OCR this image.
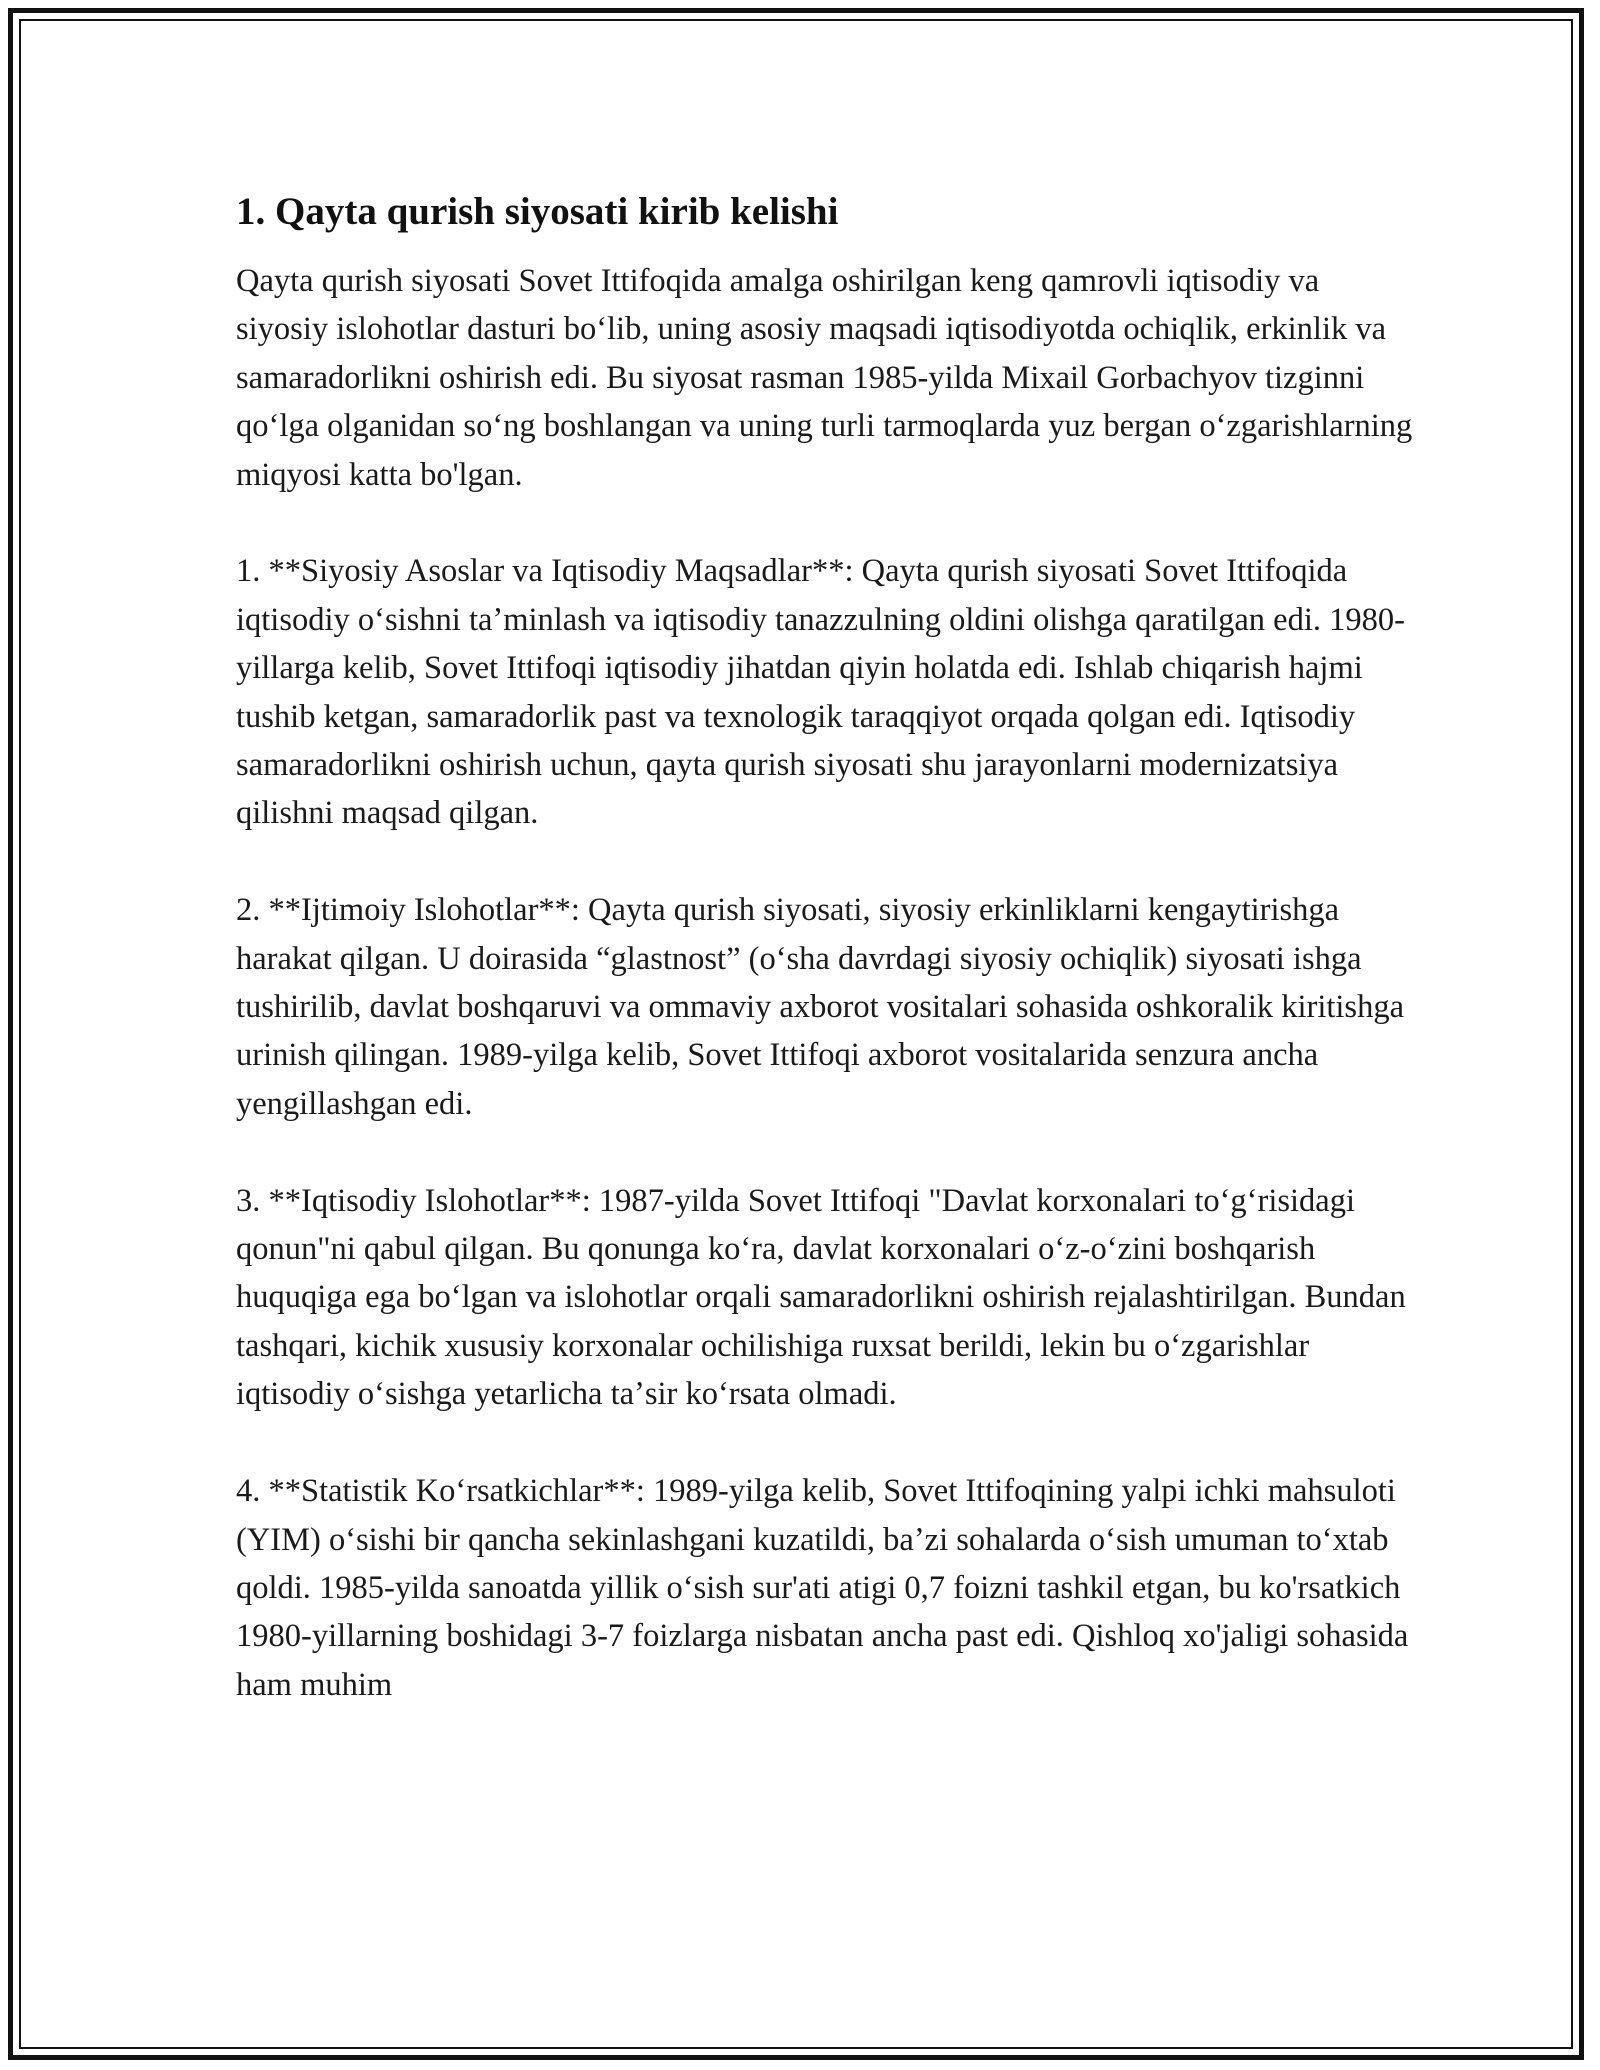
1. Qayta qurish siyosati kirib kelishi

Qayta qurish siyosati Sovet Ittifoqida amalga oshirilgan keng qamrovli iqtisodiy va siyosiy islohotlar dasturi boʻlib, uning asosiy maqsadi iqtisodiyotda ochiqlik, erkinlik va samaradorlikni oshirish edi. Bu siyosat rasman 1985-yilda Mixail Gorbachyov tizginni qoʻlga olganidan soʻng boshlangan va uning turli tarmoqlarda yuz bergan oʻzgarishlarning miqyosi katta bo'lgan.

1. **Siyosiy Asoslar va Iqtisodiy Maqsadlar**: Qayta qurish siyosati Sovet Ittifoqida iqtisodiy oʻsishni taʼminlash va iqtisodiy tanazzulning oldini olishga qaratilgan edi. 1980-yillarga kelib, Sovet Ittifoqi iqtisodiy jihatdan qiyin holatda edi. Ishlab chiqarish hajmi tushib ketgan, samaradorlik past va texnologik taraqqiyot orqada qolgan edi. Iqtisodiy samaradorlikni oshirish uchun, qayta qurish siyosati shu jarayonlarni modernizatsiya qilishni maqsad qilgan.

2. **Ijtimoiy Islohotlar**: Qayta qurish siyosati, siyosiy erkinliklarni kengaytirishga harakat qilgan. U doirasida “glastnost” (oʻsha davrdagi siyosiy ochiqlik) siyosati ishga tushirilib, davlat boshqaruvi va ommaviy axborot vositalari sohasida oshkoralik kiritishga urinish qilingan. 1989-yilga kelib, Sovet Ittifoqi axborot vositalarida senzura ancha yengillashgan edi.

3. **Iqtisodiy Islohotlar**: 1987-yilda Sovet Ittifoqi "Davlat korxonalari toʻgʻrisidagi qonun"ni qabul qilgan. Bu qonunga koʻra, davlat korxonalari oʻz-oʻzini boshqarish huquqiga ega boʻlgan va islohotlar orqali samaradorlikni oshirish rejalashtirilgan. Bundan tashqari, kichik xususiy korxonalar ochilishiga ruxsat berildi, lekin bu oʻzgarishlar iqtisodiy oʻsishga yetarlicha taʼsir koʻrsata olmadi.

4. **Statistik Koʻrsatkichlar**: 1989-yilga kelib, Sovet Ittifoqining yalpi ichki mahsuloti (YIM) oʻsishi bir qancha sekinlashgani kuzatildi, baʼzi sohalarda oʻsish umuman toʻxtab qoldi. 1985-yilda sanoatda yillik oʻsish sur'ati atigi 0,7 foizni tashkil etgan, bu ko'rsatkich 1980-yillarning boshidagi 3-7 foizlarga nisbatan ancha past edi. Qishloq xo'jaligi sohasida ham muhim
